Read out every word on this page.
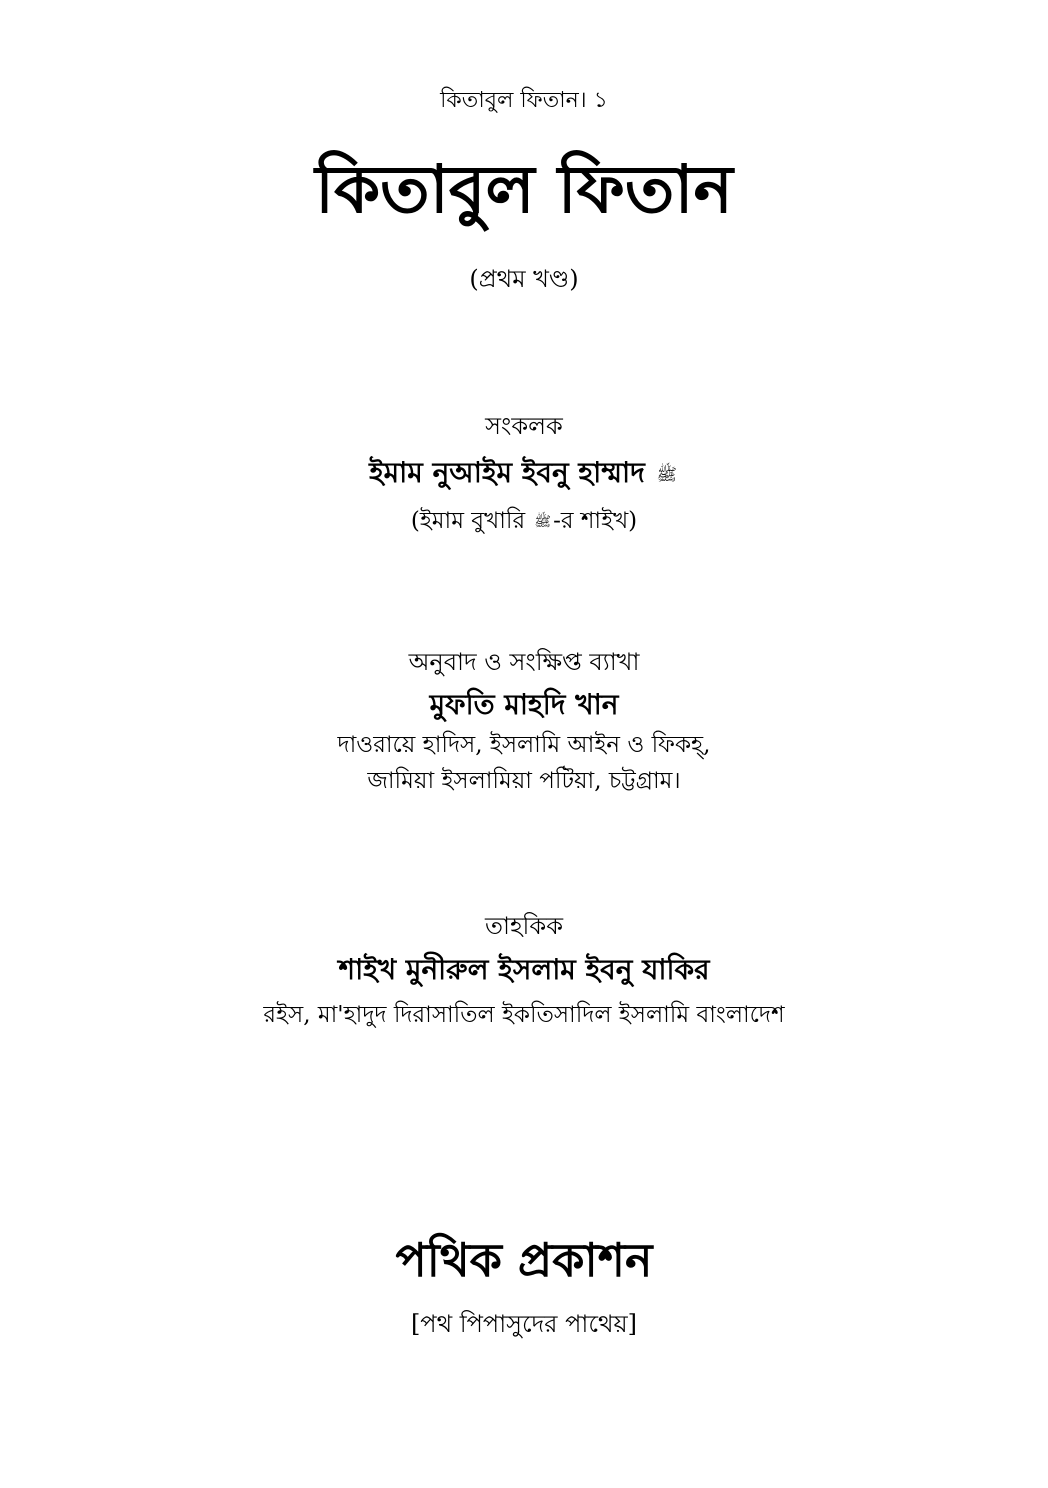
কিতাবুল ফিতান। ১
কিতাবুল ফিতান
(প্রথম খণ্ড)
সংকলক
ইমাম নুআইম ইবনু হাম্মাদ ﷺ
(ইমাম বুখারি ﷺ-র শাইখ)
অনুবাদ ও সংক্ষিপ্ত ব্যাখা
মুফতি মাহদি খান
দাওরায়ে হাদিস, ইসলামি আইন ও ফিকহ্,
জামিয়া ইসলামিয়া পটিয়া, চট্টগ্রাম।
তাহকিক
শাইখ মুনীরুল ইসলাম ইবনু যাকির
রইস, মা'হাদুদ দিরাসাতিল ইকতিসাদিল ইসলামি বাংলাদেশ
পথিক প্রকাশন
[পথ পিপাসুদের পাথেয়]
